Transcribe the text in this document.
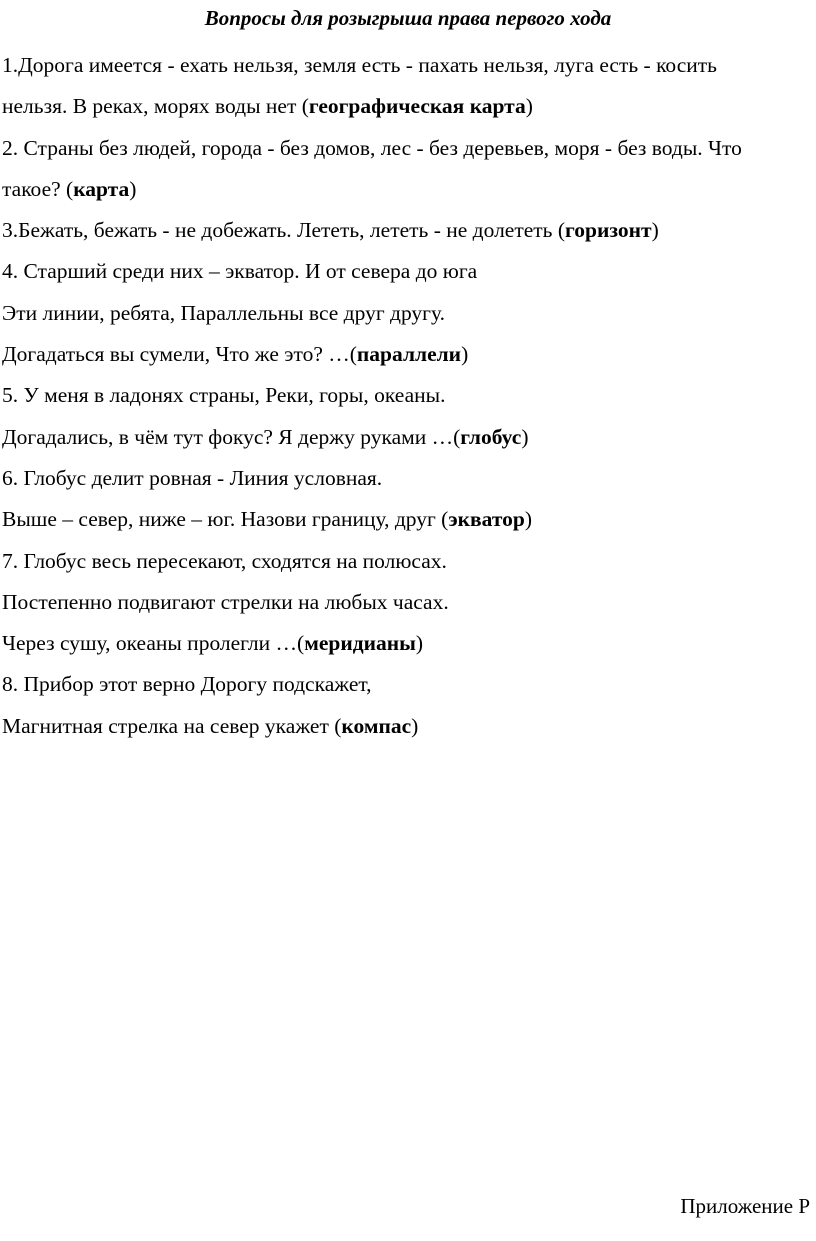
Вопросы для розыгрыша права первого хода
1.Дорога имеется - ехать нельзя, земля есть - пахать нельзя, луга есть - косить
нельзя. В реках, морях воды нет (географическая карта)
2. Страны без людей, города - без домов, лес - без деревьев, моря - без воды. Что
такое? (карта)
3.Бежать, бежать - не добежать. Лететь, лететь - не долететь (горизонт)
4. Старший среди них – экватор. И от севера до юга
Эти линии, ребята, Параллельны все друг другу.
Догадаться вы сумели, Что же это? …(параллели)
5. У меня в ладонях страны, Реки, горы, океаны.
Догадались, в чём тут фокус? Я держу руками …(глобус)
6. Глобус делит ровная - Линия условная.
Выше – север, ниже – юг. Назови границу, друг (экватор)
7. Глобус весь пересекают, сходятся на полюсах.
Постепенно подвигают стрелки на любых часах.
Через сушу, океаны пролегли …(меридианы)
8. Прибор этот верно Дорогу подскажет,
Магнитная стрелка на север укажет (компас)
Приложение Р
